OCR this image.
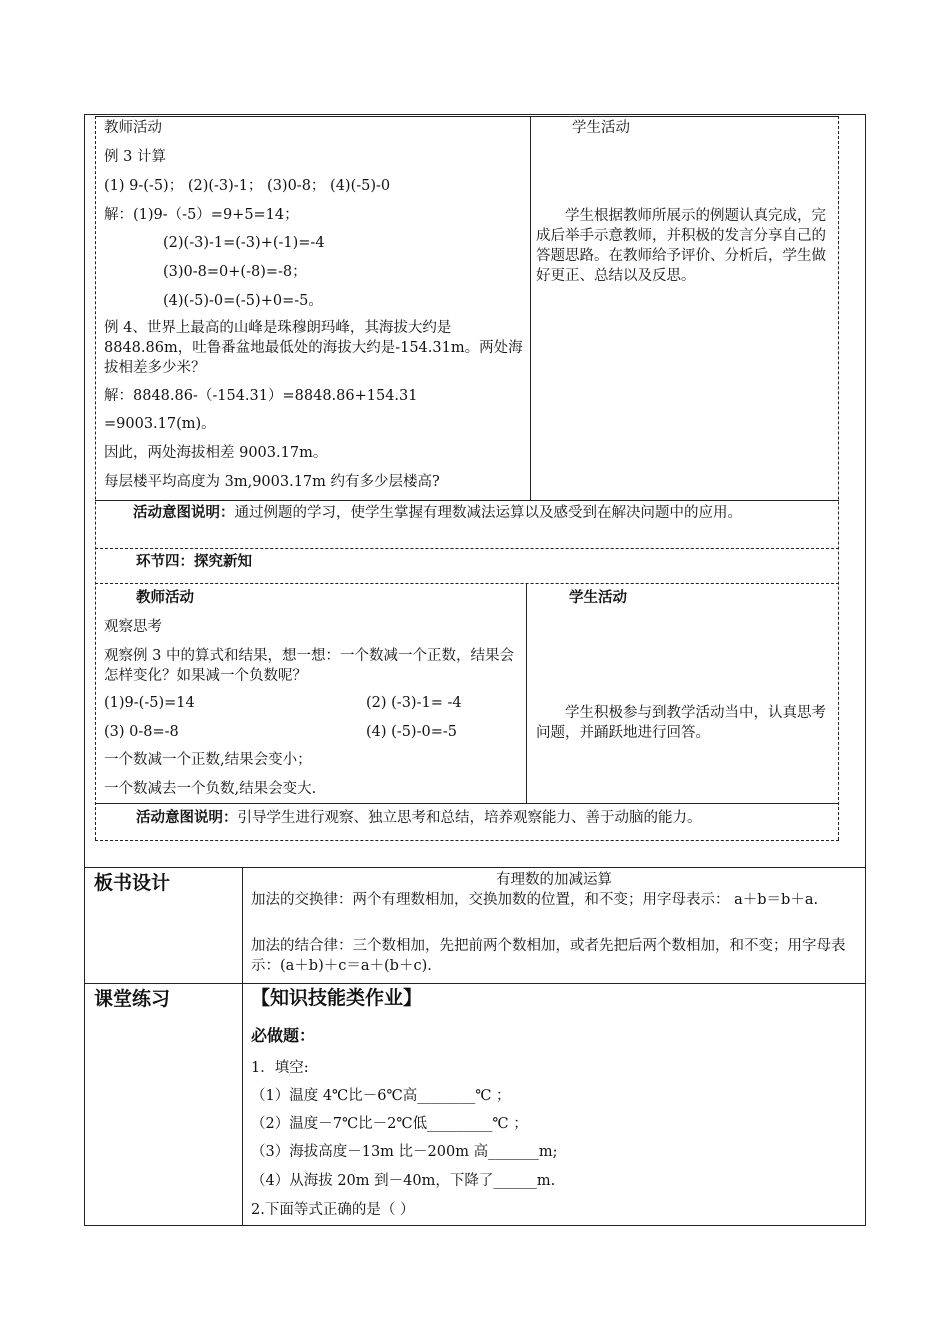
教师活动	学生活动
例 3 计算
(1) 9-(-5)； (2)(-3)-1； (3)0-8； (4)(-5)-0
解：(1)9-（-5）=9+5=14；
(2)(-3)-1=(-3)+(-1)=-4
(3)0-8=0+(-8)=-8；
(4)(-5)-0=(-5)+0=-5。
例 4、世界上最高的山峰是珠穆朗玛峰，其海拔大约是 8848.86m，吐鲁番盆地最低处的海拔大约是-154.31m。两处海拔相差多少米？
解：8848.86-（-154.31）=8848.86+154.31
=9003.17(m)。
因此，两处海拔相差 9003.17m。
每层楼平均高度为 3m,9003.17m 约有多少层楼高?
学生根据教师所展示的例题认真完成，完成后举手示意教师，并积极的发言分享自己的答题思路。在教师给予评价、分析后，学生做好更正、总结以及反思。
活动意图说明：通过例题的学习，使学生掌握有理数减法运算以及感受到在解决问题中的应用。
环节四：探究新知
教师活动	学生活动
观察思考
观察例 3 中的算式和结果，想一想：一个数减一个正数，结果会怎样变化？如果减一个负数呢？
(1)9-(-5)=14	(2) (-3)-1= -4
(3) 0-8=-8	(4) (-5)-0=-5
一个数减一个正数,结果会变小；
一个数减去一个负数,结果会变大.
学生积极参与到教学活动当中，认真思考问题，并踊跃地进行回答。
活动意图说明：引导学生进行观察、独立思考和总结，培养观察能力、善于动脑的能力。
板书设计	有理数的加减运算
加法的交换律：两个有理数相加，交换加数的位置，和不变；用字母表示： a＋b＝b＋a.
加法的结合律：三个数相加，先把前两个数相加，或者先把后两个数相加，和不变；用字母表示：(a＋b)＋c＝a＋(b＋c).
课堂练习	【知识技能类作业】
必做题：
1．填空:
（1）温度 4℃比－6℃高________℃ ；
（2）温度－7℃比－2℃低_________℃ ；
（3）海拔高度－13m 比－200m 高_______m;
（4）从海拔 20m 到－40m，下降了______m.
2.下面等式正确的是（ ）
